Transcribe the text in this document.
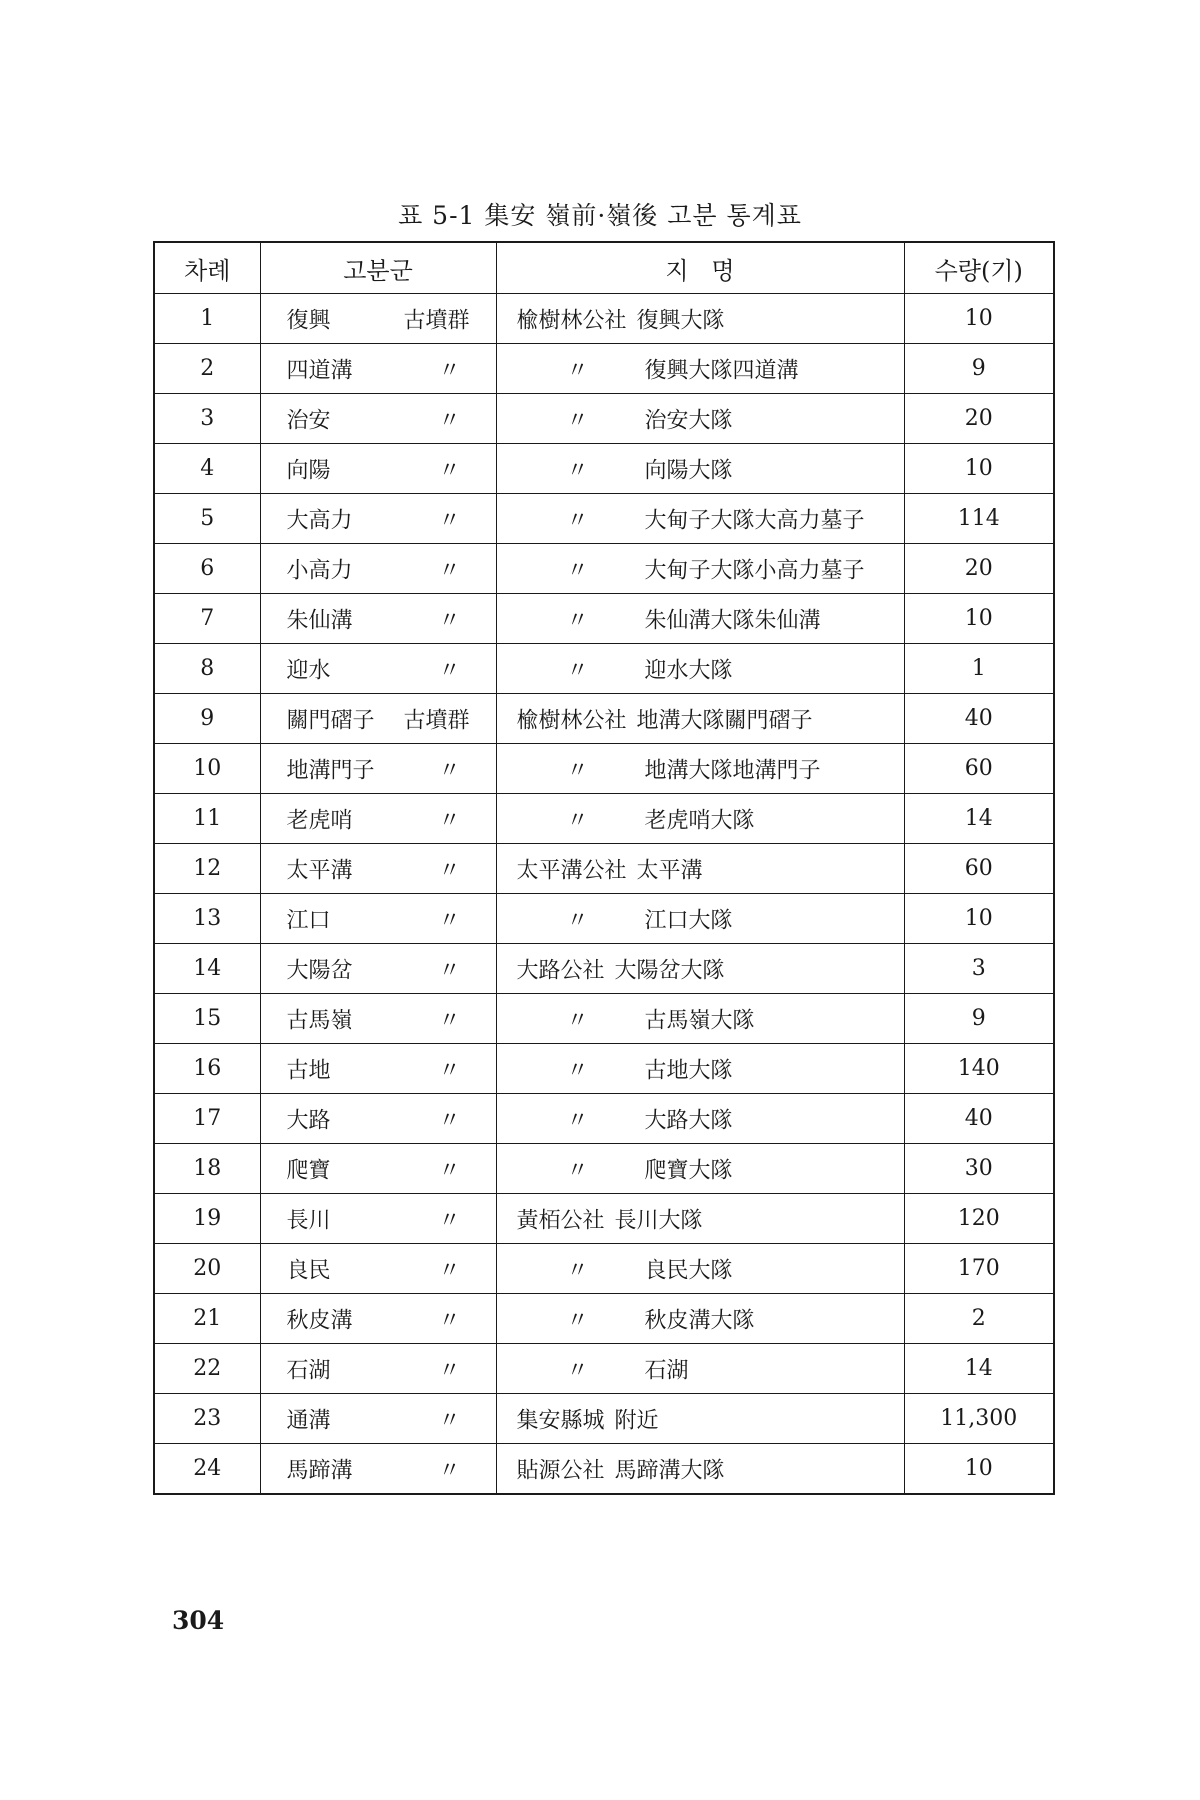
표 5-1 集安 嶺前·嶺後 고분 통계표
차례	고분군	지   명	수량(기)
1	復興 古墳群	楡樹林公社 復興大隊	10
2	四道溝 〃	〃 復興大隊四道溝	9
3	治安 〃	〃 治安大隊	20
4	向陽 〃	〃 向陽大隊	10
5	大高力 〃	〃 大甸子大隊大高力墓子	114
6	小高力 〃	〃 大甸子大隊小高力墓子	20
7	朱仙溝 〃	〃 朱仙溝大隊朱仙溝	10
8	迎水 〃	〃 迎水大隊	1
9	關門磖子 古墳群	楡樹林公社 地溝大隊關門磖子	40
10	地溝門子 〃	〃 地溝大隊地溝門子	60
11	老虎哨 〃	〃 老虎哨大隊	14
12	太平溝 〃	太平溝公社 太平溝	60
13	江口 〃	〃 江口大隊	10
14	大陽岔 〃	大路公社 大陽岔大隊	3
15	古馬嶺 〃	〃 古馬嶺大隊	9
16	古地 〃	〃 古地大隊	140
17	大路 〃	〃 大路大隊	40
18	爬寶 〃	〃 爬寶大隊	30
19	長川 〃	黃栢公社 長川大隊	120
20	良民 〃	〃 良民大隊	170
21	秋皮溝 〃	〃 秋皮溝大隊	2
22	石湖 〃	〃 石湖	14
23	通溝 〃	集安縣城 附近	11,300
24	馬蹄溝 〃	貼源公社 馬蹄溝大隊	10
304
